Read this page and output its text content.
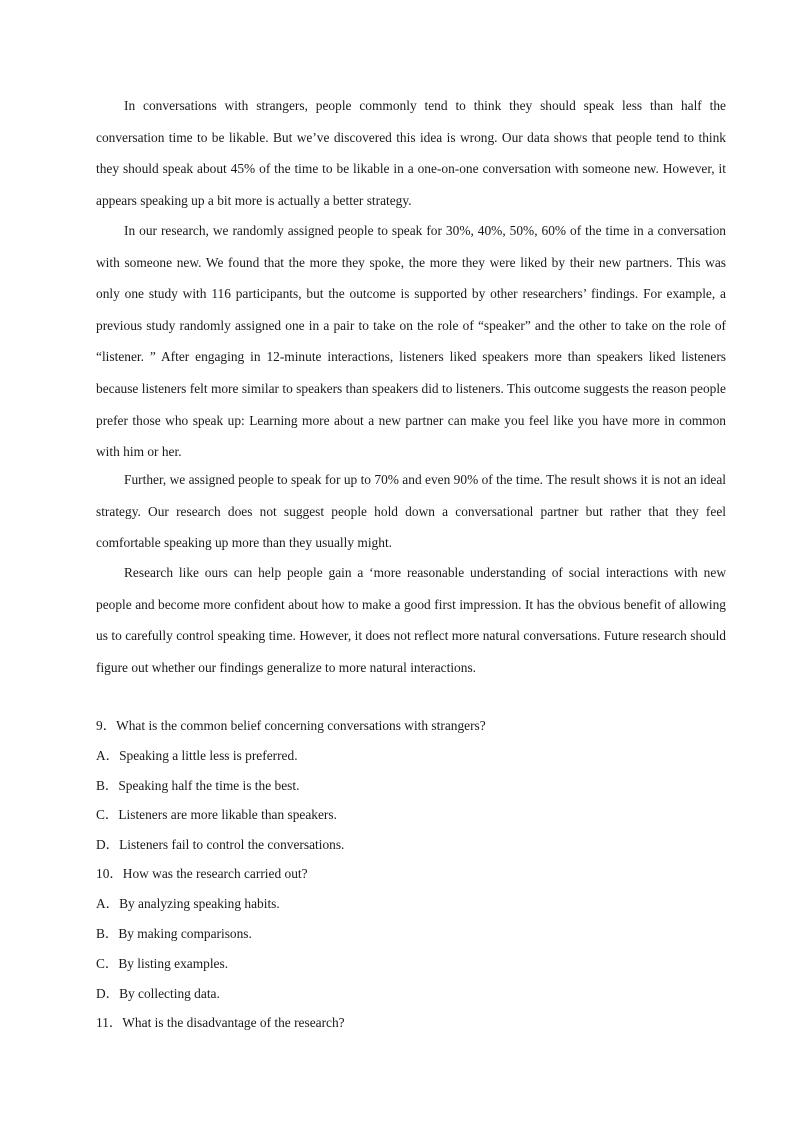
In conversations with strangers, people commonly tend to think they should speak less than half the conversation time to be likable. But we’ve discovered this idea is wrong. Our data shows that people tend to think they should speak about 45% of the time to be likable in a one-on-one conversation with someone new. However, it appears speaking up a bit more is actually a better strategy.

In our research, we randomly assigned people to speak for 30%, 40%, 50%, 60% of the time in a conversation with someone new. We found that the more they spoke, the more they were liked by their new partners. This was only one study with 116 participants, but the outcome is supported by other researchers’ findings. For example, a previous study randomly assigned one in a pair to take on the role of “speaker” and the other to take on the role of “listener. ” After engaging in 12-minute interactions, listeners liked speakers more than speakers liked listeners because listeners felt more similar to speakers than speakers did to listeners. This outcome suggests the reason people prefer those who speak up: Learning more about a new partner can make you feel like you have more in common with him or her.

Further, we assigned people to speak for up to 70% and even 90% of the time. The result shows it is not an ideal strategy. Our research does not suggest people hold down a conversational partner but rather that they feel comfortable speaking up more than they usually might.

Research like ours can help people gain a ‘more reasonable understanding of social interactions with new people and become more confident about how to make a good first impression. It has the obvious benefit of allowing us to carefully control speaking time. However, it does not reflect more natural conversations. Future research should figure out whether our findings generalize to more natural interactions.

9．What is the common belief concerning conversations with strangers?
A．Speaking a little less is preferred.
B．Speaking half the time is the best.
C．Listeners are more likable than speakers.
D．Listeners fail to control the conversations.
10．How was the research carried out?
A．By analyzing speaking habits.
B．By making comparisons.
C．By listing examples.
D．By collecting data.
11．What is the disadvantage of the research?
